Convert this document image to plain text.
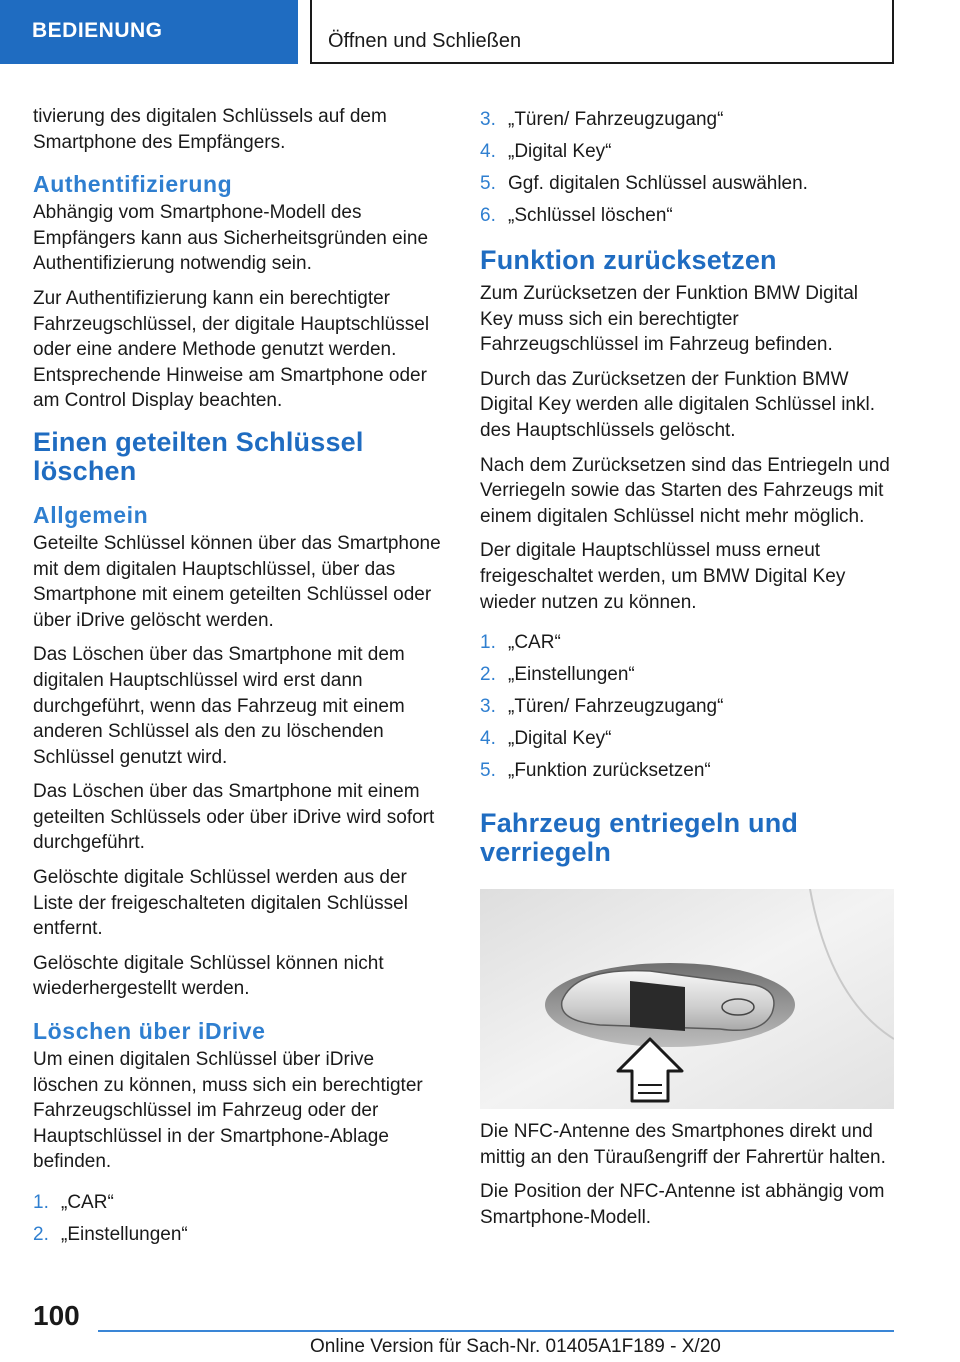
BEDIENUNG	Öffnen und Schließen

tivierung des digitalen Schlüssels auf dem Smartphone des Empfängers.

Authentifizierung

Abhängig vom Smartphone-Modell des Empfängers kann aus Sicherheitsgründen eine Authentifizierung notwendig sein.

Zur Authentifizierung kann ein berechtigter Fahrzeugschlüssel, der digitale Hauptschlüssel oder eine andere Methode genutzt werden. Entsprechende Hinweise am Smartphone oder am Control Display beachten.

Einen geteilten Schlüssel löschen
Allgemein

Geteilte Schlüssel können über das Smartphone mit dem digitalen Hauptschlüssel, über das Smartphone mit einem geteilten Schlüssel oder über iDrive gelöscht werden.

Das Löschen über das Smartphone mit dem digitalen Hauptschlüssel wird erst dann durchgeführt, wenn das Fahrzeug mit einem anderen Schlüssel als den zu löschenden Schlüssel genutzt wird.

Das Löschen über das Smartphone mit einem geteilten Schlüssels oder über iDrive wird sofort durchgeführt.

Gelöschte digitale Schlüssel werden aus der Liste der freigeschalteten digitalen Schlüssel entfernt.

Gelöschte digitale Schlüssel können nicht wiederhergestellt werden.

Löschen über iDrive

Um einen digitalen Schlüssel über iDrive löschen zu können, muss sich ein berechtigter Fahrzeugschlüssel im Fahrzeug oder der Hauptschlüssel in der Smartphone-Ablage befinden.

1. „CAR“
2. „Einstellungen“
3. „Türen/ Fahrzeugzugang“
4. „Digital Key“
5. Ggf. digitalen Schlüssel auswählen.
6. „Schlüssel löschen“
Funktion zurücksetzen

Zum Zurücksetzen der Funktion BMW Digital Key muss sich ein berechtigter Fahrzeugschlüssel im Fahrzeug befinden.

Durch das Zurücksetzen der Funktion BMW Digital Key werden alle digitalen Schlüssel inkl. des Hauptschlüssels gelöscht.

Nach dem Zurücksetzen sind das Entriegeln und Verriegeln sowie das Starten des Fahrzeugs mit einem digitalen Schlüssel nicht mehr möglich.

Der digitale Hauptschlüssel muss erneut freigeschaltet werden, um BMW Digital Key wieder nutzen zu können.

1. „CAR“
2. „Einstellungen“
3. „Türen/ Fahrzeugzugang“
4. „Digital Key“
5. „Funktion zurücksetzen“
Fahrzeug entriegeln und verriegeln

Die NFC-Antenne des Smartphones direkt und mittig an den Türaußengriff der Fahrertür halten.

Die Position der NFC-Antenne ist abhängig vom Smartphone-Modell.

100
Online Version für Sach-Nr. 01405A1F189 - X/20
